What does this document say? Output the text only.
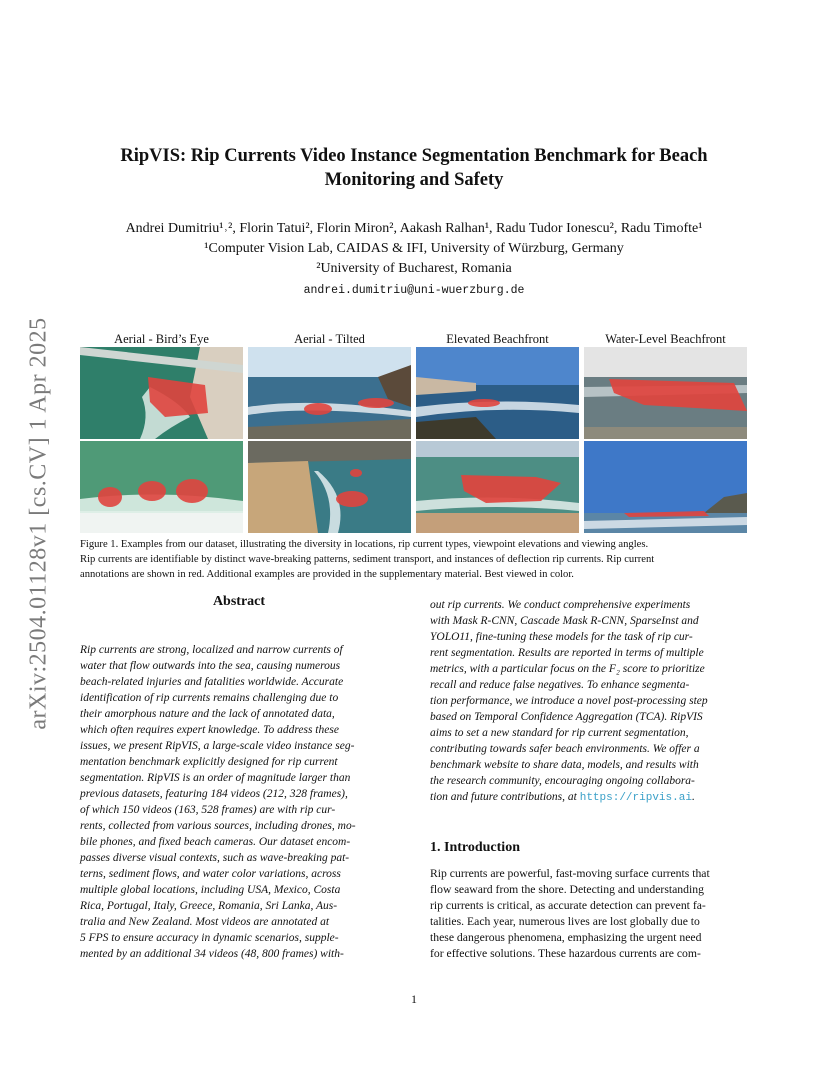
arXiv:2504.01128v1 [cs.CV] 1 Apr 2025
RipVIS: Rip Currents Video Instance Segmentation Benchmark for Beach
Monitoring and Safety
Andrei Dumitriu¹˒², Florin Tatui², Florin Miron², Aakash Ralhan¹, Radu Tudor Ionescu², Radu Timofte¹
¹Computer Vision Lab, CAIDAS & IFI, University of Würzburg, Germany
²University of Bucharest, Romania
andrei.dumitriu@uni-wuerzburg.de
Aerial - Bird’s Eye	Aerial - Tilted	Elevated Beachfront	Water-Level Beachfront
Figure 1. Examples from our dataset, illustrating the diversity in locations, rip current types, viewpoint elevations and viewing angles.
Rip currents are identifiable by distinct wave-breaking patterns, sediment transport, and instances of deflection rip currents. Rip current
annotations are shown in red. Additional examples are provided in the supplementary material. Best viewed in color.
Abstract
Rip currents are strong, localized and narrow currents of
water that flow outwards into the sea, causing numerous
beach-related injuries and fatalities worldwide. Accurate
identification of rip currents remains challenging due to
their amorphous nature and the lack of annotated data,
which often requires expert knowledge. To address these
issues, we present RipVIS, a large-scale video instance seg-
mentation benchmark explicitly designed for rip current
segmentation. RipVIS is an order of magnitude larger than
previous datasets, featuring 184 videos (212, 328 frames),
of which 150 videos (163, 528 frames) are with rip cur-
rents, collected from various sources, including drones, mo-
bile phones, and fixed beach cameras. Our dataset encom-
passes diverse visual contexts, such as wave-breaking pat-
terns, sediment flows, and water color variations, across
multiple global locations, including USA, Mexico, Costa
Rica, Portugal, Italy, Greece, Romania, Sri Lanka, Aus-
tralia and New Zealand. Most videos are annotated at
5 FPS to ensure accuracy in dynamic scenarios, supple-
mented by an additional 34 videos (48, 800 frames) with-
out rip currents. We conduct comprehensive experiments
with Mask R-CNN, Cascade Mask R-CNN, SparseInst and
YOLO11, fine-tuning these models for the task of rip cur-
rent segmentation. Results are reported in terms of multiple
metrics, with a particular focus on the F₂ score to prioritize
recall and reduce false negatives. To enhance segmenta-
tion performance, we introduce a novel post-processing step
based on Temporal Confidence Aggregation (TCA). RipVIS
aims to set a new standard for rip current segmentation,
contributing towards safer beach environments. We offer a
benchmark website to share data, models, and results with
the research community, encouraging ongoing collabora-
tion and future contributions, at https://ripvis.ai.
1. Introduction
Rip currents are powerful, fast-moving surface currents that
flow seaward from the shore. Detecting and understanding
rip currents is critical, as accurate detection can prevent fa-
talities. Each year, numerous lives are lost globally due to
these dangerous phenomena, emphasizing the urgent need
for effective solutions. These hazardous currents are com-
1
